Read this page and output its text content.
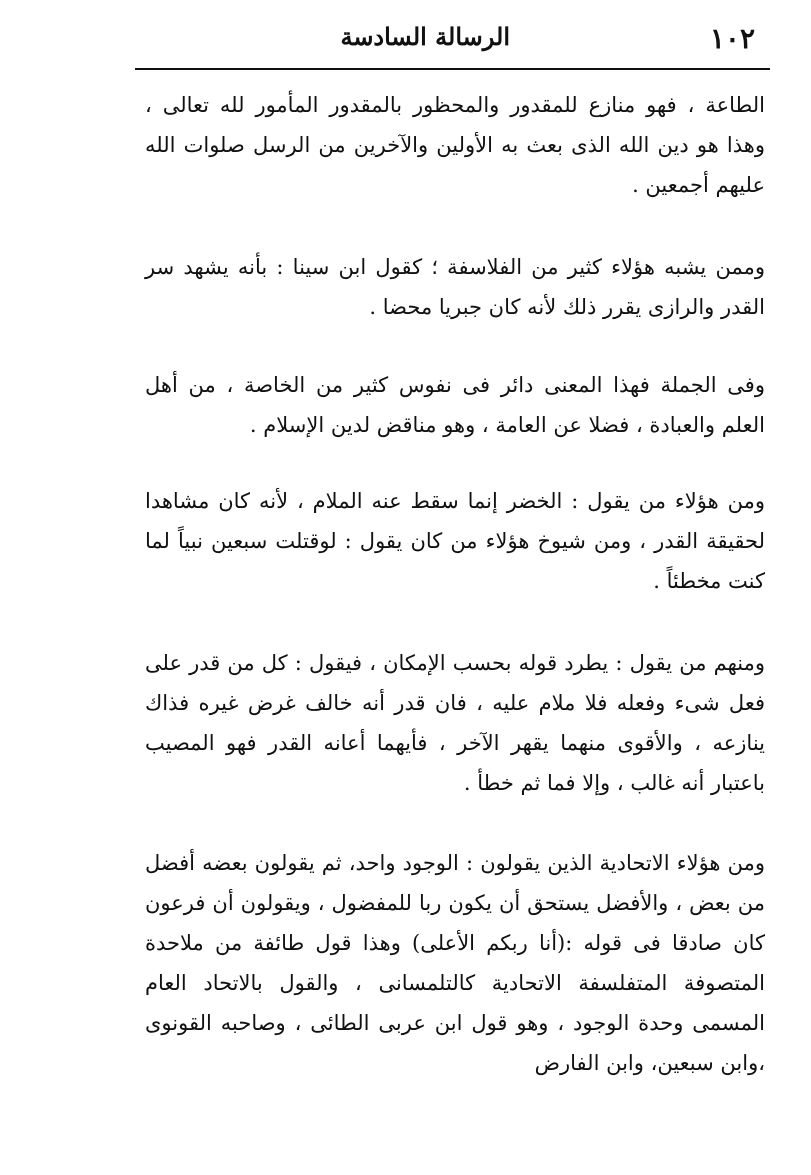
١٠٢
الرسالة السادسة

الطاعة ، فهو منازع للمقدور والمحظور بالمقدور المأمور لله تعالى ، وهذا هو دين الله الذى بعث به الأولين والآخرين من الرسل صلوات الله عليهم أجمعين .

وممن يشبه هؤلاء كثير من الفلاسفة ؛ كقول ابن سينا : بأنه يشهد سر القدر والرازى يقرر ذلك لأنه كان جبريا محضا .

وفى الجملة فهذا المعنى دائر فى نفوس كثير من الخاصة ، من أهل العلم والعبادة ، فضلا عن العامة ، وهو مناقض لدين الإسلام .

ومن هؤلاء من يقول : الخضر إنما سقط عنه الملام ، لأنه كان مشاهدا لحقيقة القدر ، ومن شيوخ هؤلاء من كان يقول : لوقتلت سبعين نبياً لما كنت مخطئاً .

ومنهم من يقول : يطرد قوله بحسب الإمكان ، فيقول : كل من قدر على فعل شىء وفعله فلا ملام عليه ، فان قدر أنه خالف غرض غيره فذاك ينازعه ، والأقوى منهما يقهر الآخر ، فأيهما أعانه القدر فهو المصيب باعتبار أنه غالب ، وإلا فما ثم خطأ .

ومن هؤلاء الاتحادية الذين يقولون : الوجود واحد، ثم يقولون بعضه أفضل من بعض ، والأفضل يستحق أن يكون ربا للمفضول ، ويقولون أن فرعون كان صادقا فى قوله :(أنا ربكم الأعلى) وهذا قول طائفة من ملاحدة المتصوفة المتفلسفة الاتحادية كالتلمسانى ، والقول بالاتحاد العام المسمى وحدة الوجود ، وهو قول ابن عربى الطائى ، وصاحبه القونوى ،وابن سبعين، وابن الفارض
